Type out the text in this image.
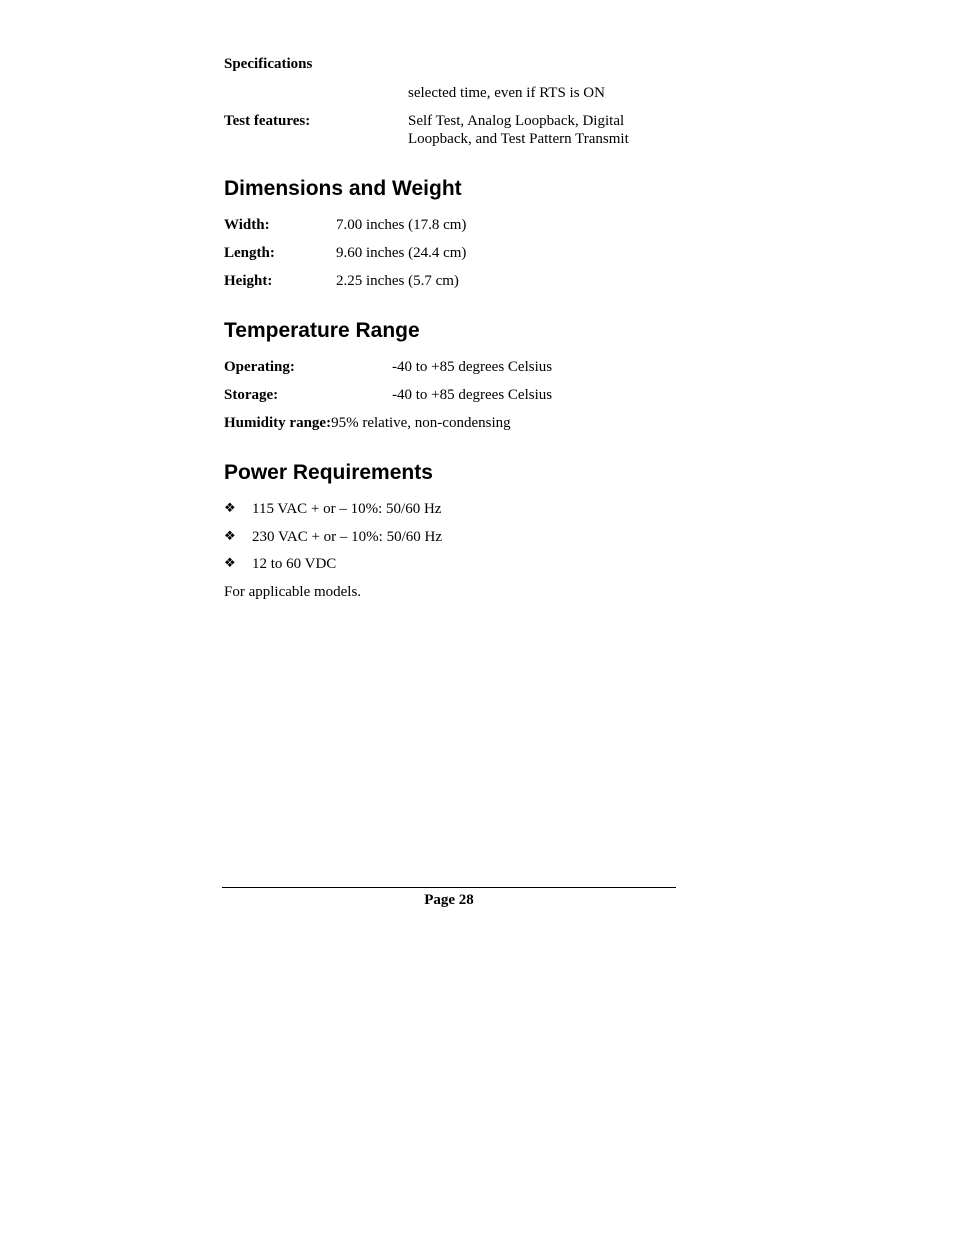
Specifications
selected time, even if RTS is ON
Test features:	Self Test, Analog Loopback, Digital
Loopback, and Test Pattern Transmit
Dimensions and Weight
Width:	7.00 inches (17.8 cm)
Length:	9.60 inches (24.4 cm)
Height:	2.25 inches (5.7 cm)
Temperature Range
Operating:	-40 to +85 degrees Celsius
Storage:	-40 to +85 degrees Celsius
Humidity range:95% relative, non-condensing
Power Requirements
❖ 115 VAC + or – 10%: 50/60 Hz
❖ 230 VAC + or – 10%: 50/60 Hz
❖ 12 to 60 VDC
For applicable models.
Page 28
